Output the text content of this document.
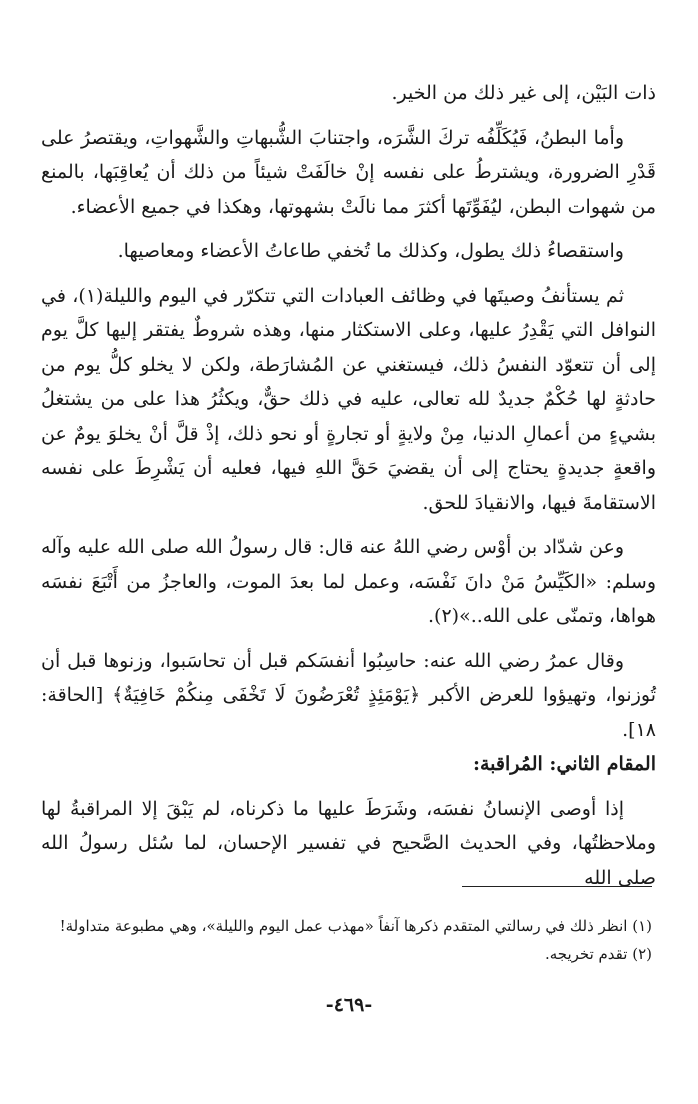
ذات البَيْن، إلى غير ذلك من الخير.

وأما البطنُ، فَيُكَلِّفُه تركَ الشَّرَه، واجتنابَ الشُّبهاتِ والشَّهواتِ، ويقتصرُ على قَدْرِ الضرورة، ويشترطُ على نفسه إنْ خالَفَتْ شيئاً من ذلك أن يُعاقِبَها، بالمنع من شهوات البطن، ليُفَوِّتَها أكثرَ مما نالَتْ بشهوتها، وهكذا في جميع الأعضاء.

واستقصاءُ ذلك يطول، وكذلك ما تُخفي طاعاتُ الأعضاء ومعاصيها.

ثم يستأنفُ وصيتَها في وظائف العبادات التي تتكرّر في اليوم والليلة(١)، في النوافل التي يَقْدِرُ عليها، وعلى الاستكثار منها، وهذه شروطٌ يفتقر إليها كلَّ يوم إلى أن تتعوّد النفسُ ذلك، فيستغني عن المُشارَطة، ولكن لا يخلو كلُّ يوم من حادثةٍ لها حُكْمٌ جديدٌ لله تعالى، عليه في ذلك حقٌّ، ويكثُرُ هذا على من يشتغلُ بشيءٍ من أعمالِ الدنيا، مِنْ ولايةٍ أو تجارةٍ أو نحو ذلك، إذْ قلَّ أنْ يخلوَ يومٌ عن واقعةٍ جديدةٍ يحتاج إلى أن يقضيَ حَقَّ اللهِ فيها، فعليه أن يَشْرِطَ على نفسه الاستقامةَ فيها، والانقيادَ للحق.

وعن شدّاد بن أوْس رضي اللهُ عنه قال: قال رسولُ الله صلى الله عليه وآله وسلم: «الكَيِّسُ مَنْ دانَ نَفْسَه، وعمل لما بعدَ الموت، والعاجزُ من أَتْبَعَ نفسَه هواها، وتمنّى على الله..»(٢).

وقال عمرُ رضي الله عنه: حاسِبُوا أنفسَكم قبل أن تحاسَبوا، وزنوها قبل أن تُوزنوا، وتهيؤوا للعرض الأكبر ﴿يَوْمَئِذٍ تُعْرَضُونَ لَا تَخْفَى مِنكُمْ خَافِيَةٌ﴾ [الحاقة: ١٨].

المقام الثاني: المُراقبة:

إذا أوصى الإنسانُ نفسَه، وشَرَطَ عليها ما ذكرناه، لم يَبْقَ إلا المراقبةُ لها وملاحظتُها، وفي الحديث الصَّحيح في تفسير الإحسان، لما سُئل رسولُ الله صلى الله

(١) انظر ذلك في رسالتي المتقدم ذكرها آنفاً «مهذب عمل اليوم والليلة»، وهي مطبوعة متداولة!

(٢) تقدم تخريجه.

-٤٦٩-
